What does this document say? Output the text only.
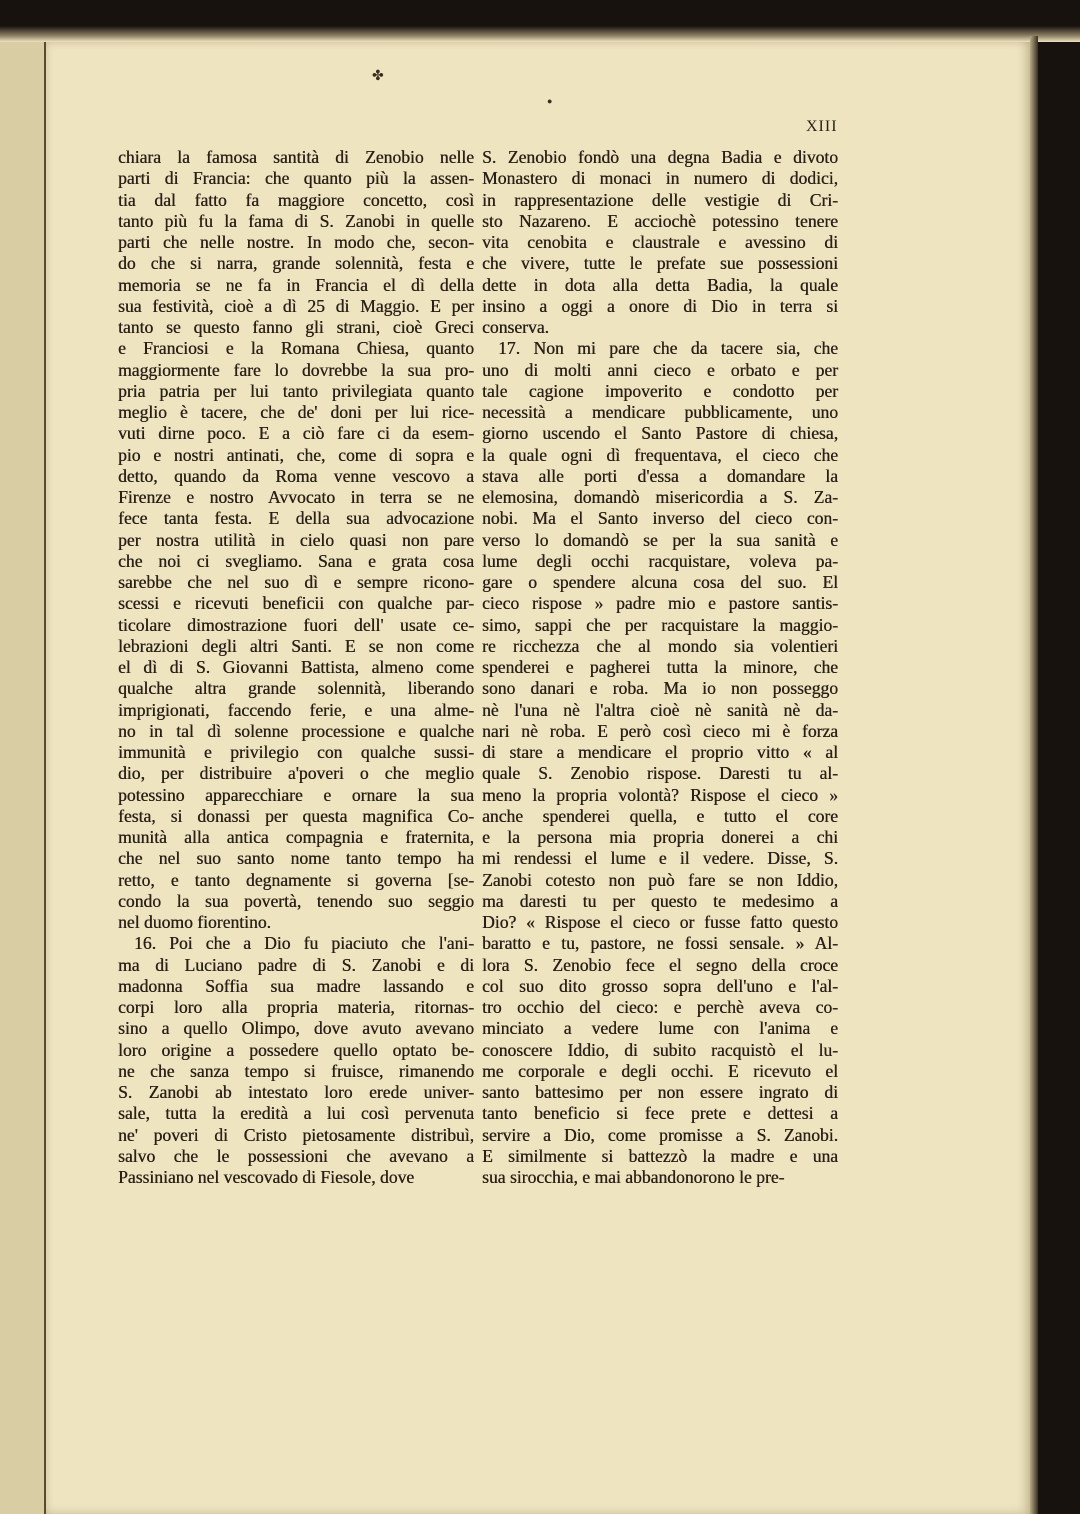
✤
●
XIII
chiara la famosa santità di Zenobio nelle
parti di Francia: che quanto più la assen-
tia dal fatto fa maggiore concetto, così
tanto più fu la fama di S. Zanobi in quelle
parti che nelle nostre. In modo che, secon-
do che si narra, grande solennità, festa e
memoria se ne fa in Francia el dì della
sua festività, cioè a dì 25 di Maggio. E per
tanto se questo fanno gli strani, cioè Greci
e Franciosi e la Romana Chiesa, quanto
maggiormente fare lo dovrebbe la sua pro-
pria patria per lui tanto privilegiata quanto
meglio è tacere, che de' doni per lui rice-
vuti dirne poco. E a ciò fare ci da esem-
pio e nostri antinati, che, come di sopra e
detto, quando da Roma venne vescovo a
Firenze e nostro Avvocato in terra se ne
fece tanta festa. E della sua advocazione
per nostra utilità in cielo quasi non pare
che noi ci svegliamo. Sana e grata cosa
sarebbe che nel suo dì e sempre ricono-
scessi e ricevuti beneficii con qualche par-
ticolare dimostrazione fuori dell' usate ce-
lebrazioni degli altri Santi. E se non come
el dì di S. Giovanni Battista, almeno come
qualche altra grande solennità, liberando
imprigionati, faccendo ferie, e una alme-
no in tal dì solenne processione e qualche
immunità e privilegio con qualche sussi-
dio, per distribuire a'poveri o che meglio
potessino apparecchiare e ornare la sua
festa, si donassi per questa magnifica Co-
munità alla antica compagnia e fraternita,
che nel suo santo nome tanto tempo ha
retto, e tanto degnamente si governa [se-
condo la sua povertà, tenendo suo seggio
nel duomo fiorentino.
16. Poi che a Dio fu piaciuto che l'ani-
ma di Luciano padre di S. Zanobi e di
madonna Soffia sua madre lassando e
corpi loro alla propria materia, ritornas-
sino a quello Olimpo, dove avuto avevano
loro origine a possedere quello optato be-
ne che sanza tempo si fruisce, rimanendo
S. Zanobi ab intestato loro erede univer-
sale, tutta la eredità a lui così pervenuta
ne' poveri di Cristo pietosamente distribuì,
salvo che le possessioni che avevano a
Passiniano nel vescovado di Fiesole, dove
S. Zenobio fondò una degna Badia e divoto
Monastero di monaci in numero di dodici,
in rappresentazione delle vestigie di Cri-
sto Nazareno. E acciochè potessino tenere
vita cenobita e claustrale e avessino di
che vivere, tutte le prefate sue possessioni
dette in dota alla detta Badia, la quale
insino a oggi a onore di Dio in terra si
conserva.
17. Non mi pare che da tacere sia, che
uno di molti anni cieco e orbato e per
tale cagione impoverito e condotto per
necessità a mendicare pubblicamente, uno
giorno uscendo el Santo Pastore di chiesa,
la quale ogni dì frequentava, el cieco che
stava alle porti d'essa a domandare la
elemosina, domandò misericordia a S. Za-
nobi. Ma el Santo inverso del cieco con-
verso lo domandò se per la sua sanità e
lume degli occhi racquistare, voleva pa-
gare o spendere alcuna cosa del suo. El
cieco rispose » padre mio e pastore santis-
simo, sappi che per racquistare la maggio-
re ricchezza che al mondo sia volentieri
spenderei e pagherei tutta la minore, che
sono danari e roba. Ma io non posseggo
nè l'una nè l'altra cioè nè sanità nè da-
nari nè roba. E però così cieco mi è forza
di stare a mendicare el proprio vitto « al
quale S. Zenobio rispose. Daresti tu al-
meno la propria volontà? Rispose el cieco »
anche spenderei quella, e tutto el core
e la persona mia propria donerei a chi
mi rendessi el lume e il vedere. Disse, S.
Zanobi cotesto non può fare se non Iddio,
ma daresti tu per questo te medesimo a
Dio? « Rispose el cieco or fusse fatto questo
baratto e tu, pastore, ne fossi sensale. » Al-
lora S. Zenobio fece el segno della croce
col suo dito grosso sopra dell'uno e l'al-
tro occhio del cieco: e perchè aveva co-
minciato a vedere lume con l'anima e
conoscere Iddio, di subito racquistò el lu-
me corporale e degli occhi. E ricevuto el
santo battesimo per non essere ingrato di
tanto beneficio si fece prete e dettesi a
servire a Dio, come promisse a S. Zanobi.
E similmente si battezzò la madre e una
sua sirocchia, e mai abbandonorono le pre-
